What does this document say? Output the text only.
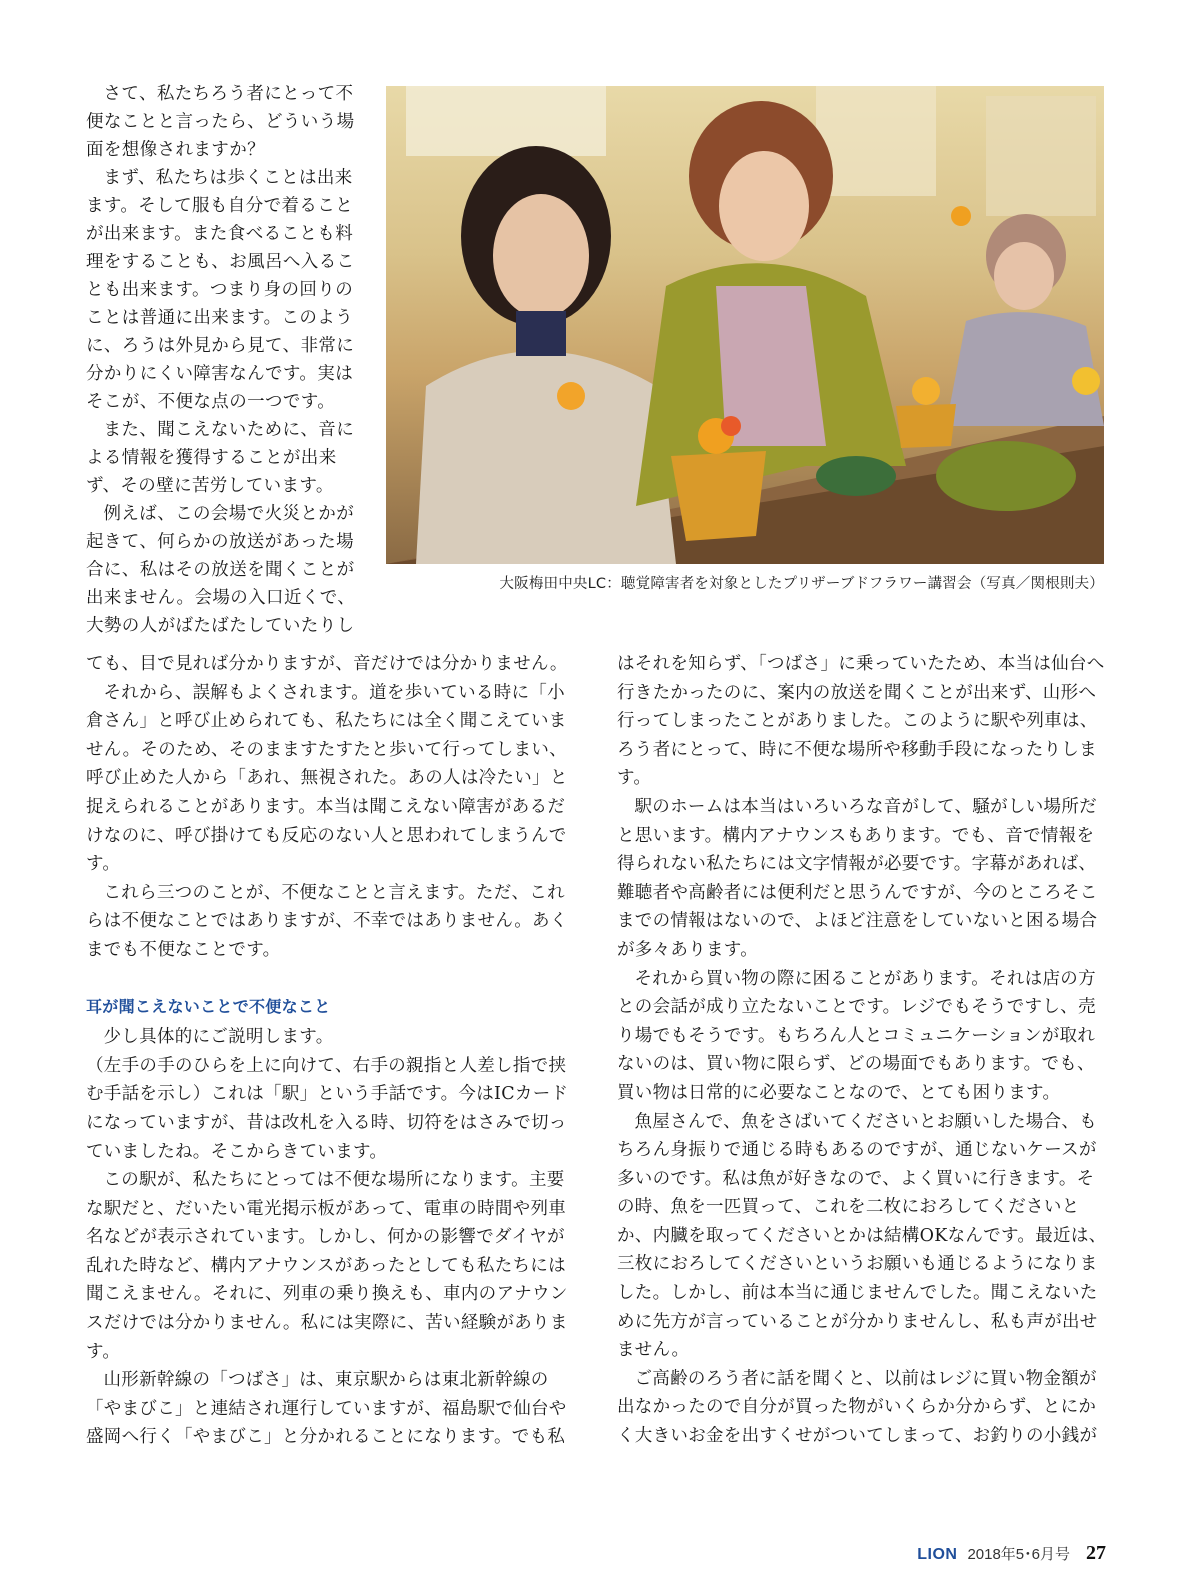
さて、私たちろう者にとって不便なことと言ったら、どういう場面を想像されますか？

まず、私たちは歩くことは出来ます。そして服も自分で着ることが出来ます。また食べることも料理をすることも、お風呂へ入ることも出来ます。つまり身の回りのことは普通に出来ます。このように、ろうは外見から見て、非常に分かりにくい障害なんです。実はそこが、不便な点の一つです。

また、聞こえないために、音による情報を獲得することが出来ず、その壁に苦労しています。

例えば、この会場で火災とかが起きて、何らかの放送があった場合に、私はその放送を聞くことが出来ません。会場の入口近くで、大勢の人がばたばたしていたりし

大阪梅田中央LC：聴覚障害者を対象としたプリザーブドフラワー講習会（写真／関根則夫）

ても、目で見れば分かりますが、音だけでは分かりません。

それから、誤解もよくされます。道を歩いている時に「小倉さん」と呼び止められても、私たちには全く聞こえていません。そのため、そのまますたすたと歩いて行ってしまい、呼び止めた人から「あれ、無視された。あの人は冷たい」と捉えられることがあります。本当は聞こえない障害があるだけなのに、呼び掛けても反応のない人と思われてしまうんです。

これら三つのことが、不便なことと言えます。ただ、これらは不便なことではありますが、不幸ではありません。あくまでも不便なことです。

耳が聞こえないことで不便なこと

少し具体的にご説明します。

（左手の手のひらを上に向けて、右手の親指と人差し指で挟む手話を示し）これは「駅」という手話です。今はICカードになっていますが、昔は改札を入る時、切符をはさみで切っていましたね。そこからきています。

この駅が、私たちにとっては不便な場所になります。主要な駅だと、だいたい電光掲示板があって、電車の時間や列車名などが表示されています。しかし、何かの影響でダイヤが乱れた時など、構内アナウンスがあったとしても私たちには聞こえません。それに、列車の乗り換えも、車内のアナウンスだけでは分かりません。私には実際に、苦い経験があります。

山形新幹線の「つばさ」は、東京駅からは東北新幹線の「やまびこ」と連結され運行していますが、福島駅で仙台や盛岡へ行く「やまびこ」と分かれることになります。でも私

はそれを知らず、「つばさ」に乗っていたため、本当は仙台へ行きたかったのに、案内の放送を聞くことが出来ず、山形へ行ってしまったことがありました。このように駅や列車は、ろう者にとって、時に不便な場所や移動手段になったりします。

駅のホームは本当はいろいろな音がして、騒がしい場所だと思います。構内アナウンスもあります。でも、音で情報を得られない私たちには文字情報が必要です。字幕があれば、難聴者や高齢者には便利だと思うんですが、今のところそこまでの情報はないので、よほど注意をしていないと困る場合が多々あります。

それから買い物の際に困ることがあります。それは店の方との会話が成り立たないことです。レジでもそうですし、売り場でもそうです。もちろん人とコミュニケーションが取れないのは、買い物に限らず、どの場面でもあります。でも、買い物は日常的に必要なことなので、とても困ります。

魚屋さんで、魚をさばいてくださいとお願いした場合、もちろん身振りで通じる時もあるのですが、通じないケースが多いのです。私は魚が好きなので、よく買いに行きます。その時、魚を一匹買って、これを二枚におろしてくださいとか、内臓を取ってくださいとかは結構OKなんです。最近は、三枚におろしてくださいというお願いも通じるようになりました。しかし、前は本当に通じませんでした。聞こえないために先方が言っていることが分かりませんし、私も声が出せません。

ご高齢のろう者に話を聞くと、以前はレジに買い物金額が出なかったので自分が買った物がいくらか分からず、とにかく大きいお金を出すくせがついてしまって、お釣りの小銭が

LION 2018年5･6月号 27
